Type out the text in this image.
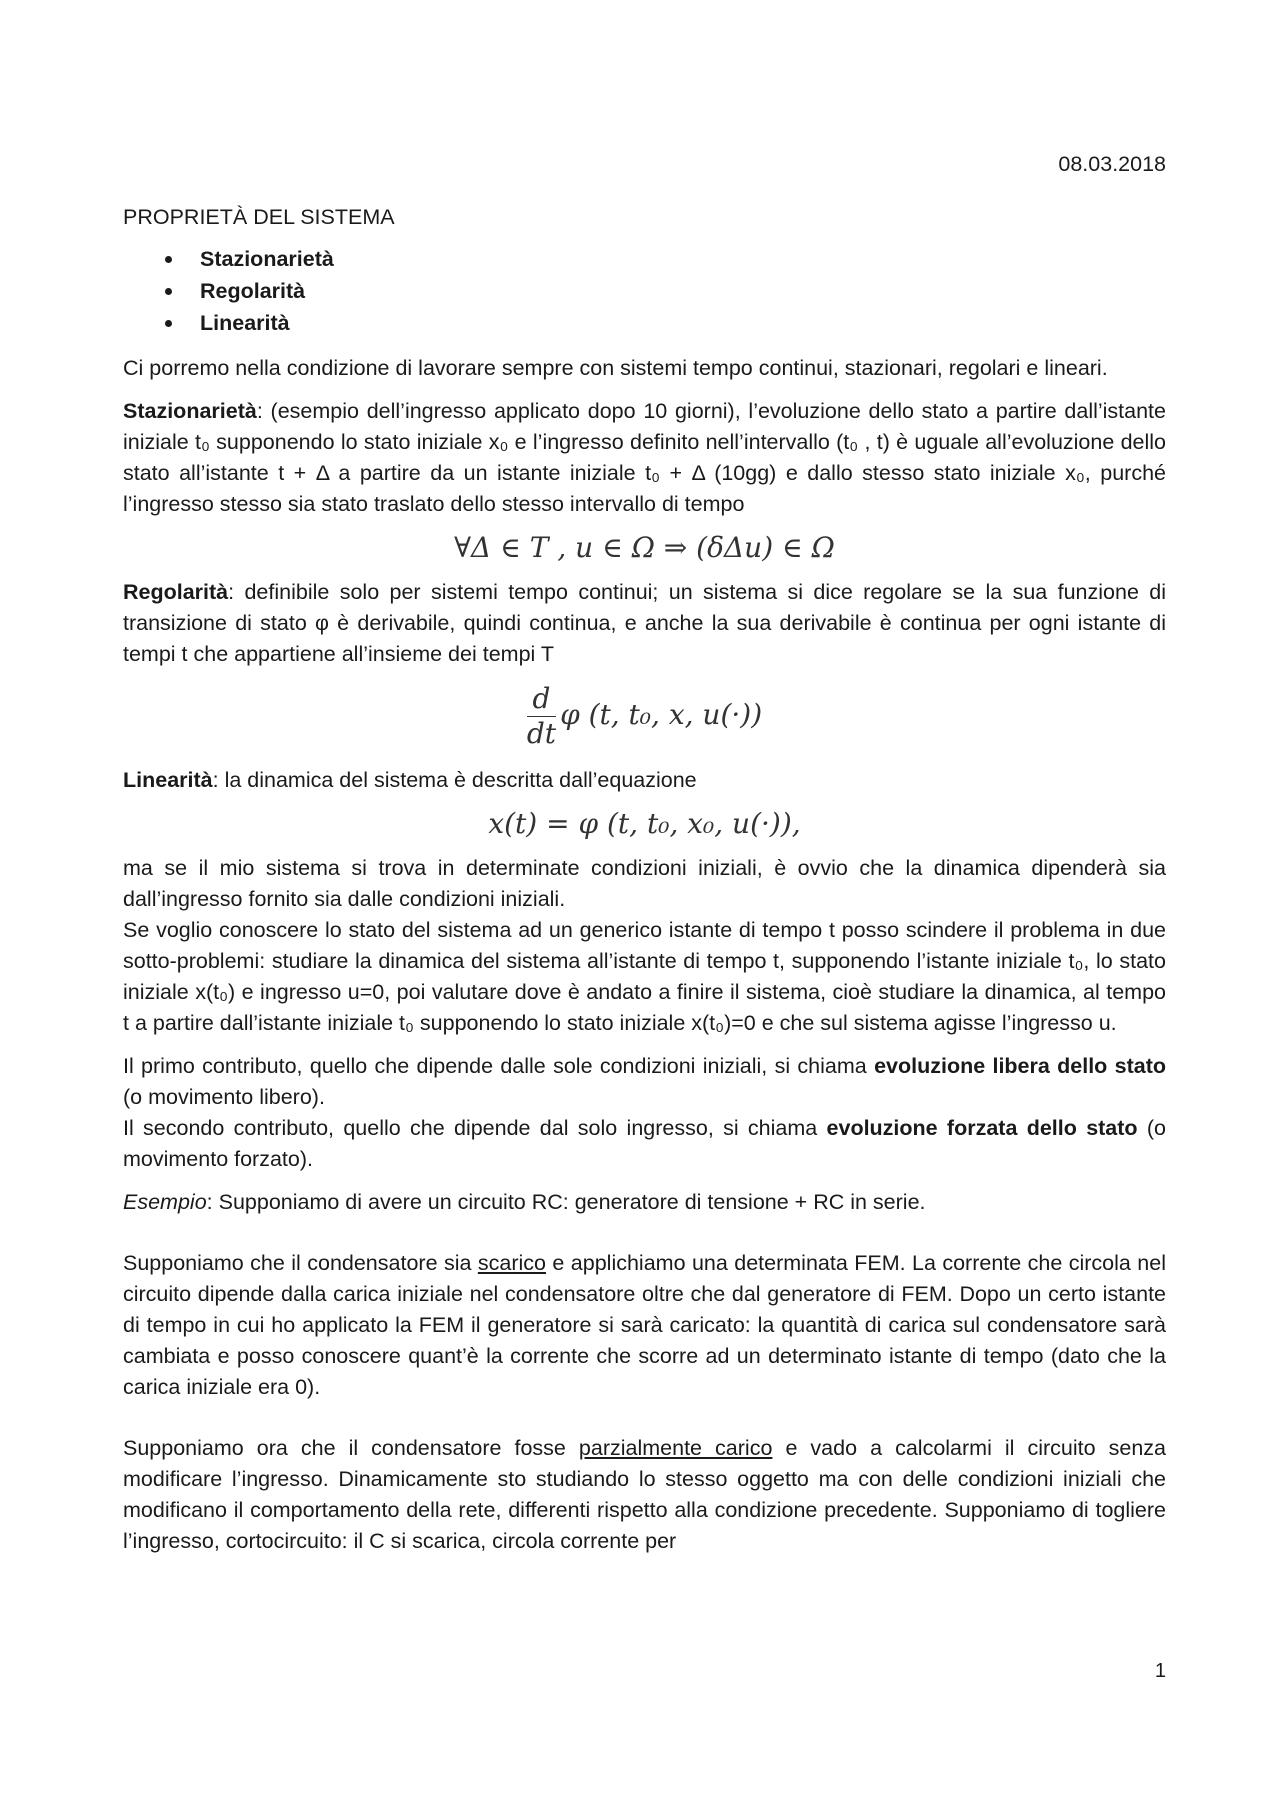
08.03.2018
PROPRIETÀ DEL SISTEMA
Stazionarietà
Regolarità
Linearità

Ci porremo nella condizione di lavorare sempre con sistemi tempo continui, stazionari, regolari e lineari.

Stazionarietà: (esempio dell’ingresso applicato dopo 10 giorni), l’evoluzione dello stato a partire dall’istante iniziale t₀ supponendo lo stato iniziale x₀ e l’ingresso definito nell’intervallo (t₀ , t) è uguale all’evoluzione dello stato all’istante t + Δ a partire da un istante iniziale t₀ + Δ (10gg) e dallo stesso stato iniziale x₀, purché l’ingresso stesso sia stato traslato dello stesso intervallo di tempo

∀Δ ∈ T , u ∈ Ω ⇒ (δΔu) ∈ Ω

Regolarità: definibile solo per sistemi tempo continui; un sistema si dice regolare se la sua funzione di transizione di stato φ è derivabile, quindi continua, e anche la sua derivabile è continua per ogni istante di tempi t che appartiene all’insieme dei tempi T

$\frac{d}{dt}$ φ (t, t₀, x, u(·))

Linearità: la dinamica del sistema è descritta dall’equazione

x(t) = φ (t, t₀, x₀, u(·)),

ma se il mio sistema si trova in determinate condizioni iniziali, è ovvio che la dinamica dipenderà sia dall’ingresso fornito sia dalle condizioni iniziali.

Se voglio conoscere lo stato del sistema ad un generico istante di tempo t posso scindere il problema in due sotto-problemi: studiare la dinamica del sistema all’istante di tempo t, supponendo l’istante iniziale t₀, lo stato iniziale x(t₀) e ingresso u=0, poi valutare dove è andato a finire il sistema, cioè studiare la dinamica, al tempo t a partire dall’istante iniziale t₀ supponendo lo stato iniziale x(t₀)=0 e che sul sistema agisse l’ingresso u.

Il primo contributo, quello che dipende dalle sole condizioni iniziali, si chiama evoluzione libera dello stato (o movimento libero).

Il secondo contributo, quello che dipende dal solo ingresso, si chiama evoluzione forzata dello stato (o movimento forzato).

Esempio: Supponiamo di avere un circuito RC: generatore di tensione + RC in serie.

Supponiamo che il condensatore sia scarico e applichiamo una determinata FEM. La corrente che circola nel circuito dipende dalla carica iniziale nel condensatore oltre che dal generatore di FEM. Dopo un certo istante di tempo in cui ho applicato la FEM il generatore si sarà caricato: la quantità di carica sul condensatore sarà cambiata e posso conoscere quant’è la corrente che scorre ad un determinato istante di tempo (dato che la carica iniziale era 0).

Supponiamo ora che il condensatore fosse parzialmente carico e vado a calcolarmi il circuito senza modificare l’ingresso. Dinamicamente sto studiando lo stesso oggetto ma con delle condizioni iniziali che modificano il comportamento della rete, differenti rispetto alla condizione precedente. Supponiamo di togliere l’ingresso, cortocircuito: il C si scarica, circola corrente per

1
